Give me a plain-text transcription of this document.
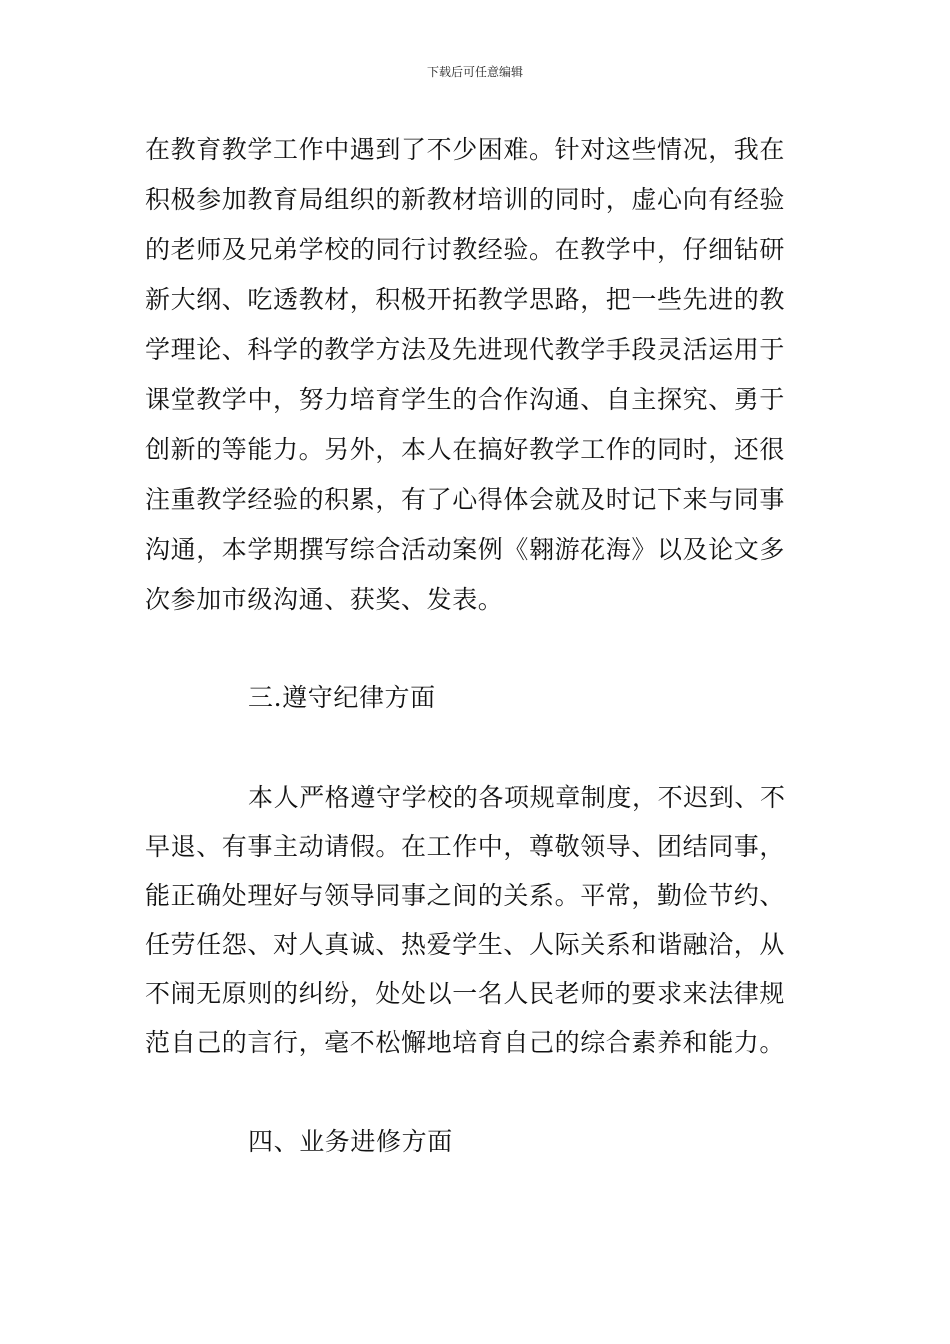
下载后可任意编辑
在教育教学工作中遇到了不少困难。针对这些情况，我在
积极参加教育局组织的新教材培训的同时，虚心向有经验
的老师及兄弟学校的同行讨教经验。在教学中，仔细钻研
新大纲、吃透教材，积极开拓教学思路，把一些先进的教
学理论、科学的教学方法及先进现代教学手段灵活运用于
课堂教学中，努力培育学生的合作沟通、自主探究、勇于
创新的等能力。另外，本人在搞好教学工作的同时，还很
注重教学经验的积累，有了心得体会就及时记下来与同事
沟通，本学期撰写综合活动案例《翱游花海》以及论文多
次参加市级沟通、获奖、发表。
三.遵守纪律方面
本人严格遵守学校的各项规章制度，不迟到、不
早退、有事主动请假。在工作中，尊敬领导、团结同事，
能正确处理好与领导同事之间的关系。平常，勤俭节约、
任劳任怨、对人真诚、热爱学生、人际关系和谐融洽，从
不闹无原则的纠纷，处处以一名人民老师的要求来法律规
范自己的言行，毫不松懈地培育自己的综合素养和能力。
四、业务进修方面
